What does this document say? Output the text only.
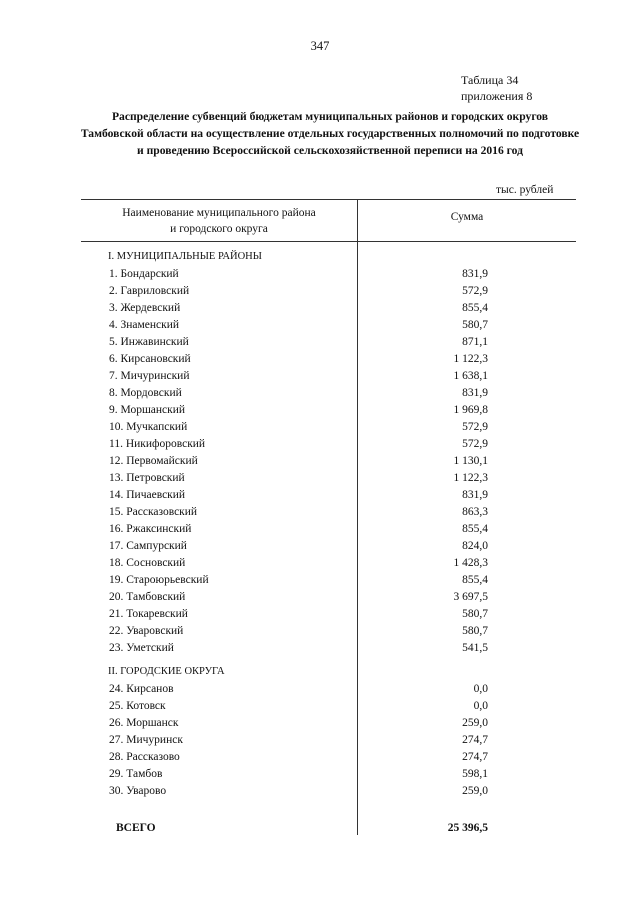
347
Таблица 34
приложения 8
Распределение субвенций бюджетам муниципальных районов и городских округов Тамбовской области на осуществление отдельных государственных полномочий по подготовке и проведению Всероссийской сельскохозяйственной переписи на 2016 год
тыс. рублей
Наименование муниципального района
и городского округа
Сумма
I. МУНИЦИПАЛЬНЫЕ РАЙОНЫ
1. Бондарский	831,9
2. Гавриловский	572,9
3. Жердевский	855,4
4. Знаменский	580,7
5. Инжавинский	871,1
6. Кирсановский	1 122,3
7. Мичуринский	1 638,1
8. Мордовский	831,9
9. Моршанский	1 969,8
10. Мучкапский	572,9
11. Никифоровский	572,9
12. Первомайский	1 130,1
13. Петровский	1 122,3
14. Пичаевский	831,9
15. Рассказовский	863,3
16. Ржаксинский	855,4
17. Сампурский	824,0
18. Сосновский	1 428,3
19. Староюрьевский	855,4
20. Тамбовский	3 697,5
21. Токаревский	580,7
22. Уваровский	580,7
23. Уметский	541,5
II. ГОРОДСКИЕ ОКРУГА
24. Кирсанов	0,0
25. Котовск	0,0
26. Моршанск	259,0
27. Мичуринск	274,7
28. Рассказово	274,7
29. Тамбов	598,1
30. Уварово	259,0
ВСЕГО	25 396,5
